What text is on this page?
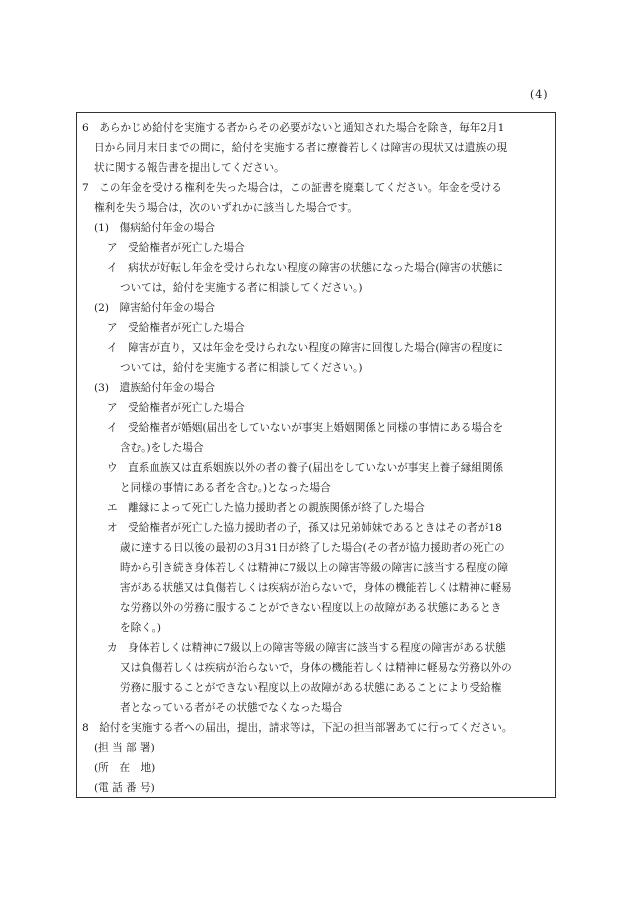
(4)
6　あらかじめ給付を実施する者からその必要がないと通知された場合を除き，毎年2月1
日から同月末日までの間に，給付を実施する者に療養若しくは障害の現状又は遺族の現
状に関する報告書を提出してください。
7　この年金を受ける権利を失った場合は，この証書を廃棄してください。年金を受ける
権利を失う場合は，次のいずれかに該当した場合です。
(1)　傷病給付年金の場合
ア　受給権者が死亡した場合
イ　病状が好転し年金を受けられない程度の障害の状態になった場合(障害の状態に
ついては，給付を実施する者に相談してください。)
(2)　障害給付年金の場合
ア　受給権者が死亡した場合
イ　障害が直り，又は年金を受けられない程度の障害に回復した場合(障害の程度に
ついては，給付を実施する者に相談してください。)
(3)　遺族給付年金の場合
ア　受給権者が死亡した場合
イ　受給権者が婚姻(届出をしていないが事実上婚姻関係と同様の事情にある場合を
含む。)をした場合
ウ　直系血族又は直系姻族以外の者の養子(届出をしていないが事実上養子縁組関係
と同様の事情にある者を含む。)となった場合
エ　離縁によって死亡した協力援助者との親族関係が終了した場合
オ　受給権者が死亡した協力援助者の子，孫又は兄弟姉妹であるときはその者が18
歳に達する日以後の最初の3月31日が終了した場合(その者が協力援助者の死亡の
時から引き続き身体若しくは精神に7級以上の障害等級の障害に該当する程度の障
害がある状態又は負傷若しくは疾病が治らないで，身体の機能若しくは精神に軽易
な労務以外の労務に服することができない程度以上の故障がある状態にあるとき
を除く。)
カ　身体若しくは精神に7級以上の障害等級の障害に該当する程度の障害がある状態
又は負傷若しくは疾病が治らないで，身体の機能若しくは精神に軽易な労務以外の
労務に服することができない程度以上の故障がある状態にあることにより受給権
者となっている者がその状態でなくなった場合
8　給付を実施する者への届出，提出，請求等は，下記の担当部署あてに行ってください。
(担 当 部 署)
(所　在　地)
(電 話 番 号)
